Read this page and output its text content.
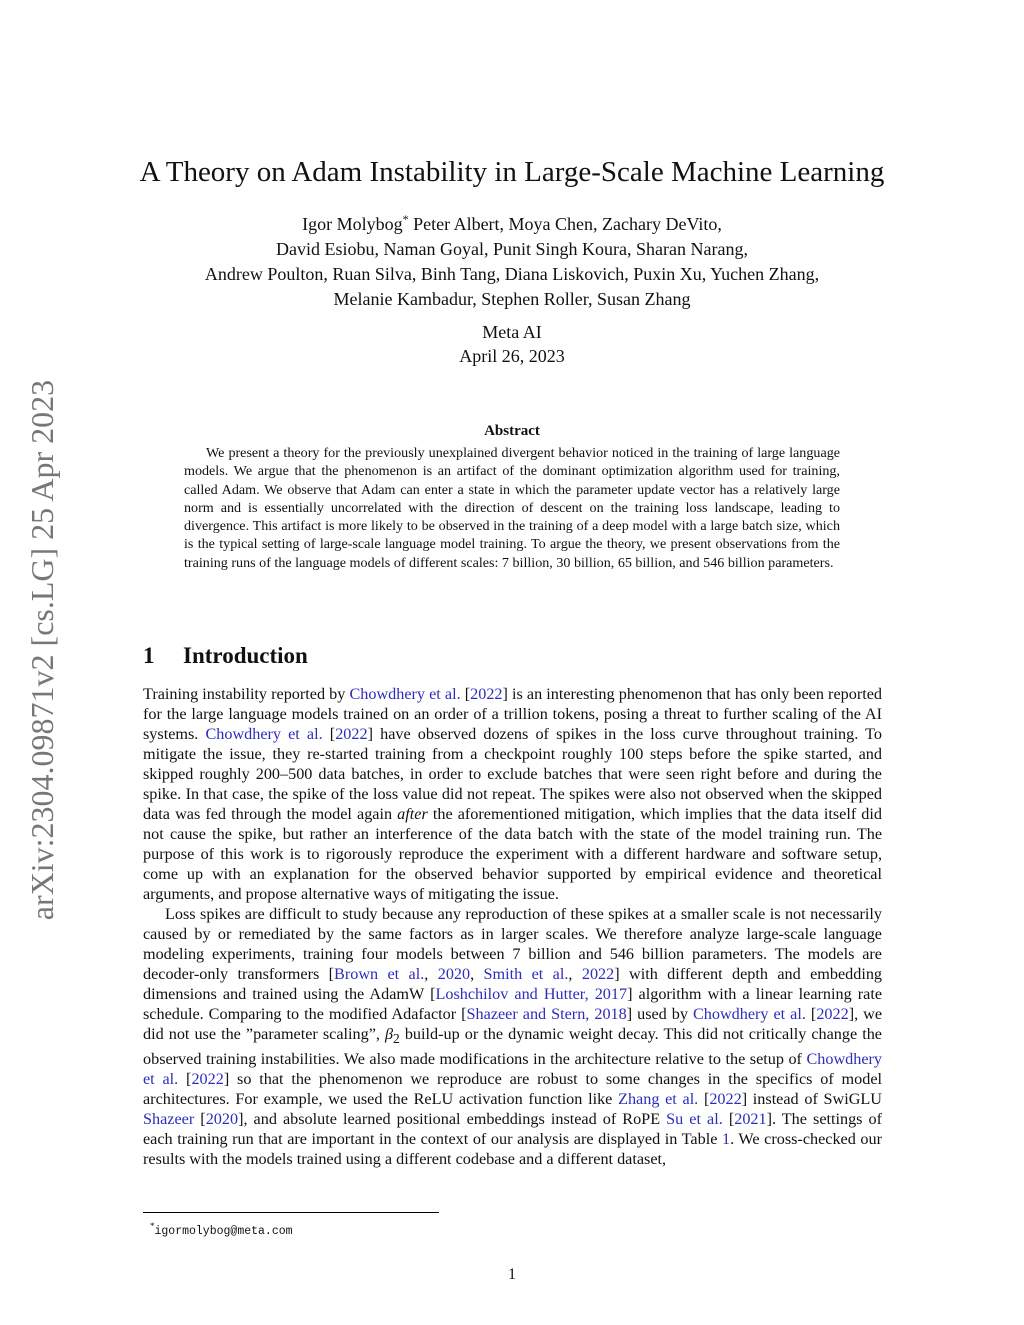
arXiv:2304.09871v2 [cs.LG] 25 Apr 2023
A Theory on Adam Instability in Large-Scale Machine Learning
Igor Molybog* Peter Albert, Moya Chen, Zachary DeVito,
David Esiobu, Naman Goyal, Punit Singh Koura, Sharan Narang,
Andrew Poulton, Ruan Silva, Binh Tang, Diana Liskovich, Puxin Xu, Yuchen Zhang,
Melanie Kambadur, Stephen Roller, Susan Zhang
Meta AI
April 26, 2023
Abstract
We present a theory for the previously unexplained divergent behavior noticed in the training of large language models. We argue that the phenomenon is an artifact of the dominant optimization algorithm used for training, called Adam. We observe that Adam can enter a state in which the parameter update vector has a relatively large norm and is essentially uncorrelated with the direction of descent on the training loss landscape, leading to divergence. This artifact is more likely to be observed in the training of a deep model with a large batch size, which is the typical setting of large-scale language model training. To argue the theory, we present observations from the training runs of the language models of different scales: 7 billion, 30 billion, 65 billion, and 546 billion parameters.
1 Introduction

Training instability reported by Chowdhery et al. [2022] is an interesting phenomenon that has only been reported for the large language models trained on an order of a trillion tokens, posing a threat to further scaling of the AI systems. Chowdhery et al. [2022] have observed dozens of spikes in the loss curve throughout training. To mitigate the issue, they re-started training from a checkpoint roughly 100 steps before the spike started, and skipped roughly 200–500 data batches, in order to exclude batches that were seen right before and during the spike. In that case, the spike of the loss value did not repeat. The spikes were also not observed when the skipped data was fed through the model again after the aforementioned mitigation, which implies that the data itself did not cause the spike, but rather an interference of the data batch with the state of the model training run. The purpose of this work is to rigorously reproduce the experiment with a different hardware and software setup, come up with an explanation for the observed behavior supported by empirical evidence and theoretical arguments, and propose alternative ways of mitigating the issue.

Loss spikes are difficult to study because any reproduction of these spikes at a smaller scale is not necessarily caused by or remediated by the same factors as in larger scales. We therefore analyze large-scale language modeling experiments, training four models between 7 billion and 546 billion parameters. The models are decoder-only transformers [Brown et al., 2020, Smith et al., 2022] with different depth and embedding dimensions and trained using the AdamW [Loshchilov and Hutter, 2017] algorithm with a linear learning rate schedule. Comparing to the modified Adafactor [Shazeer and Stern, 2018] used by Chowdhery et al. [2022], we did not use the ”parameter scaling”, $\beta_2$ build-up or the dynamic weight decay. This did not critically change the observed training instabilities. We also made modifications in the architecture relative to the setup of Chowdhery et al. [2022] so that the phenomenon we reproduce are robust to some changes in the specifics of model architectures. For example, we used the ReLU activation function like Zhang et al. [2022] instead of SwiGLU Shazeer [2020], and absolute learned positional embeddings instead of RoPE Su et al. [2021]. The settings of each training run that are important in the context of our analysis are displayed in Table 1. We cross-checked our results with the models trained using a different codebase and a different dataset,

*igormolybog@meta.com
1
